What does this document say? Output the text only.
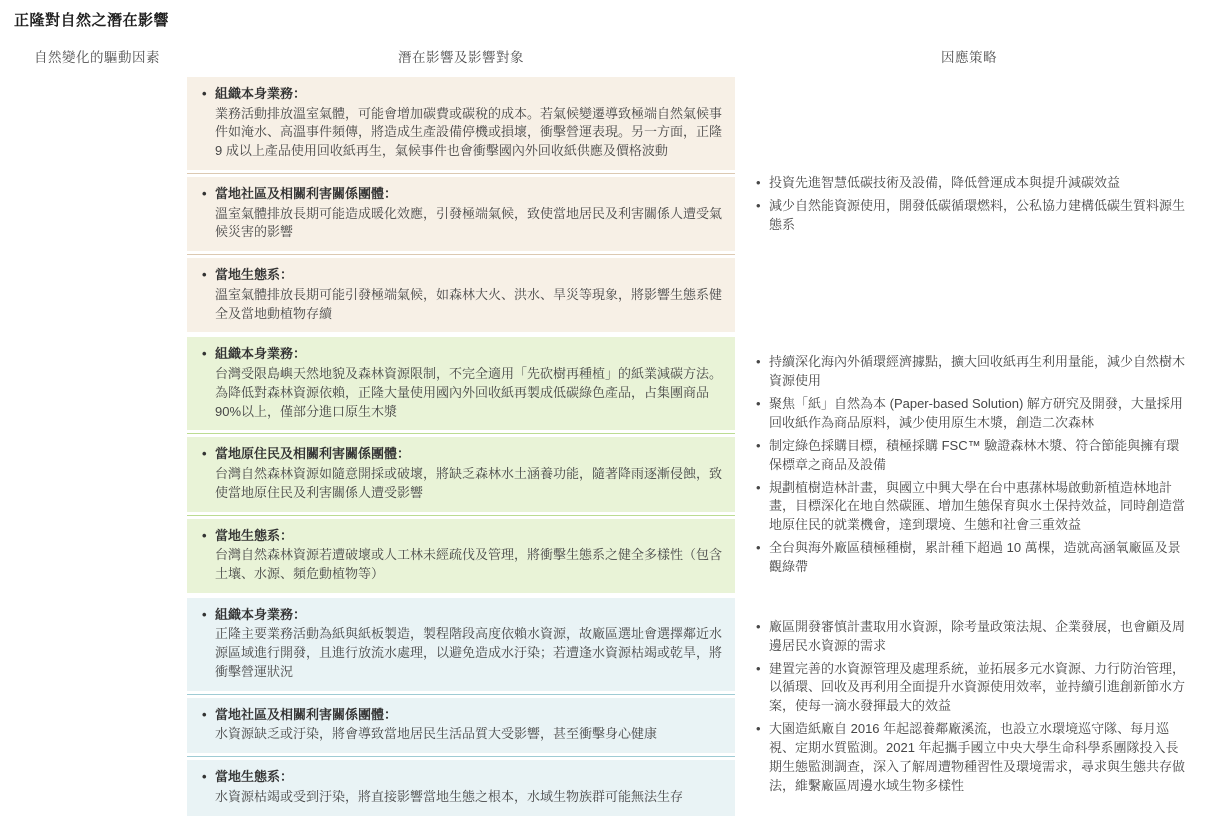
正隆對自然之潛在影響
自然變化的驅動因素	潛在影響及影響對象	因應策略
氣候變遷
• 組織本身業務：
業務活動排放溫室氣體，可能會增加碳費或碳稅的成本。若氣候變遷導致極端自然氣候事件如淹水、高溫事件頻傳，將造成生產設備停機或損壞，衝擊營運表現。另一方面，正隆 9 成以上產品使用回收紙再生，氣候事件也會衝擊國內外回收紙供應及價格波動
• 當地社區及相關利害關係團體：
溫室氣體排放長期可能造成暖化效應，引發極端氣候，致使當地居民及利害關係人遭受氣候災害的影響
• 當地生態系：
溫室氣體排放長期可能引發極端氣候，如森林大火、洪水、旱災等現象，將影響生態系健全及當地動植物存續
• 投資先進智慧低碳技術及設備，降低營運成本與提升減碳效益
• 減少自然能資源使用，開發低碳循環燃料，公私協力建構低碳生質料源生態系
資源使用 / 補充
( 森林資源 )
• 組織本身業務：
台灣受限島嶼天然地貌及森林資源限制，不完全適用「先砍樹再種植」的紙業減碳方法。為降低對森林資源依賴，正隆大量使用國內外回收紙再製成低碳綠色產品，占集團商品 90%以上，僅部分進口原生木漿
• 當地原住民及相關利害關係團體：
台灣自然森林資源如隨意開採或破壞，將缺乏森林水土涵養功能，隨著降雨逐漸侵蝕，致使當地原住民及利害關係人遭受影響
• 當地生態系：
台灣自然森林資源若遭破壞或人工林未經疏伐及管理，將衝擊生態系之健全多樣性（包含土壤、水源、頻危動植物等）
• 持續深化海內外循環經濟據點，擴大回收紙再生利用量能，減少自然樹木資源使用
• 聚焦「紙」自然為本 (Paper-based Solution) 解方研究及開發，大量採用回收紙作為商品原料，減少使用原生木漿，創造二次森林
• 制定綠色採購目標，積極採購 FSC™ 驗證森林木漿、符合節能與擁有環保標章之商品及設備
• 規劃植樹造林計畫，與國立中興大學在台中惠蓀林場啟動新植造林地計畫，目標深化在地自然碳匯、增加生態保育與水土保持效益，同時創造當地原住民的就業機會，達到環境、生態和社會三重效益
• 全台與海外廠區積極種樹，累計種下超過 10 萬棵，造就高涵氧廠區及景觀綠帶
資源使用 / 補充
( 水資源 )
汙染 / 汙染移除
( 排放汙水 )
自然的狀態
• 組織本身業務：
正隆主要業務活動為紙與紙板製造，製程階段高度依賴水資源，故廠區選址會選擇鄰近水源區域進行開發，且進行放流水處理，以避免造成水汙染；若遭逢水資源枯竭或乾旱，將衝擊營運狀況
• 當地社區及相關利害關係團體：
水資源缺乏或汙染，將會導致當地居民生活品質大受影響，甚至衝擊身心健康
• 當地生態系：
水資源枯竭或受到汙染，將直接影響當地生態之根本，水域生物族群可能無法生存
• 廠區開發審慎計畫取用水資源，除考量政策法規、企業發展，也會顧及周邊居民水資源的需求
• 建置完善的水資源管理及處理系統，並拓展多元水資源、力行防治管理，以循環、回收及再利用全面提升水資源使用效率，並持續引進創新節水方案，使每一滴水發揮最大的效益
• 大園造紙廠自 2016 年起認養鄰廠溪流，也設立水環境巡守隊、每月巡視、定期水質監測。2021 年起攜手國立中央大學生命科學系團隊投入長期生態監測調查，深入了解周遭物種習性及環境需求，尋求與生態共存做法，維繫廠區周邊水域生物多樣性
